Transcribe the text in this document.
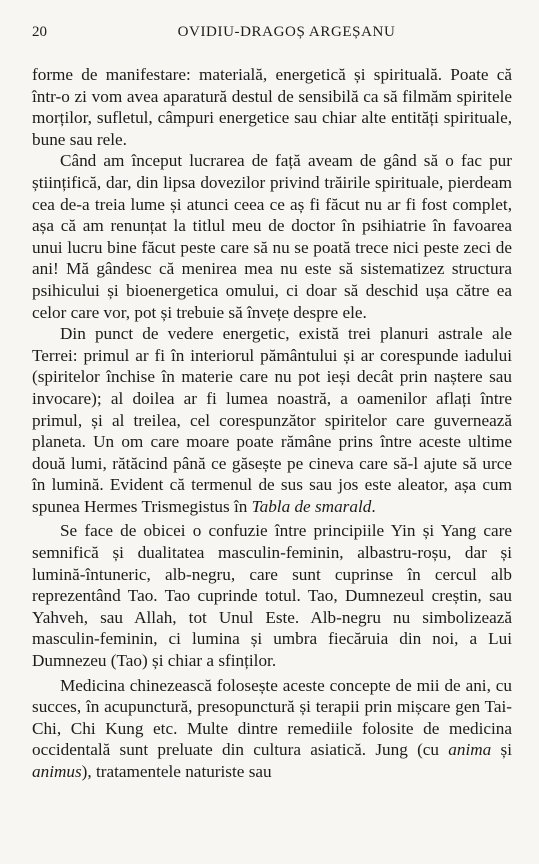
20	OVIDIU-DRAGOȘ ARGEȘANU

forme de manifestare: materială, energetică și spirituală. Poate că într-o zi vom avea aparatură destul de sensibilă ca să filmăm spiritele morților, sufletul, câmpuri energetice sau chiar alte entități spirituale, bune sau rele.

Când am început lucrarea de față aveam de gând să o fac pur științifică, dar, din lipsa dovezilor privind trăirile spirituale, pierdeam cea de-a treia lume și atunci ceea ce aș fi făcut nu ar fi fost complet, așa că am renunțat la titlul meu de doctor în psihiatrie în favoarea unui lucru bine făcut peste care să nu se poată trece nici peste zeci de ani! Mă gândesc că menirea mea nu este să sistematizez structura psihicului și bioenergetica omului, ci doar să deschid ușa către ea celor care vor, pot și trebuie să învețe despre ele.

Din punct de vedere energetic, există trei planuri astrale ale Terrei: primul ar fi în interiorul pământului și ar corespunde iadului (spiritelor închise în materie care nu pot ieși decât prin naștere sau invocare); al doilea ar fi lumea noastră, a oamenilor aflați între primul, și al treilea, cel corespunzător spiritelor care guvernează planeta. Un om care moare poate rămâne prins între aceste ultime două lumi, rătăcind până ce găsește pe cineva care să-l ajute să urce în lumină. Evident că termenul de sus sau jos este aleator, așa cum spunea Hermes Trismegistus în Tabla de smarald.

Se face de obicei o confuzie între principiile Yin și Yang care semnifică și dualitatea masculin-feminin, albastru-roșu, dar și lumină-întuneric, alb-negru, care sunt cuprinse în cercul alb reprezentând Tao. Tao cuprinde totul. Tao, Dumnezeul creștin, sau Yahveh, sau Allah, tot Unul Este. Alb-negru nu simbolizează masculin-feminin, ci lumina și umbra fiecăruia din noi, a Lui Dumnezeu (Tao) și chiar a sfinților.

Medicina chinezească folosește aceste concepte de mii de ani, cu succes, în acupunctură, presopunctură și terapii prin mișcare gen Tai-Chi, Chi Kung etc. Multe dintre remediile folosite de medicina occidentală sunt preluate din cultura asiatică. Jung (cu anima și animus), tratamentele naturiste sau
